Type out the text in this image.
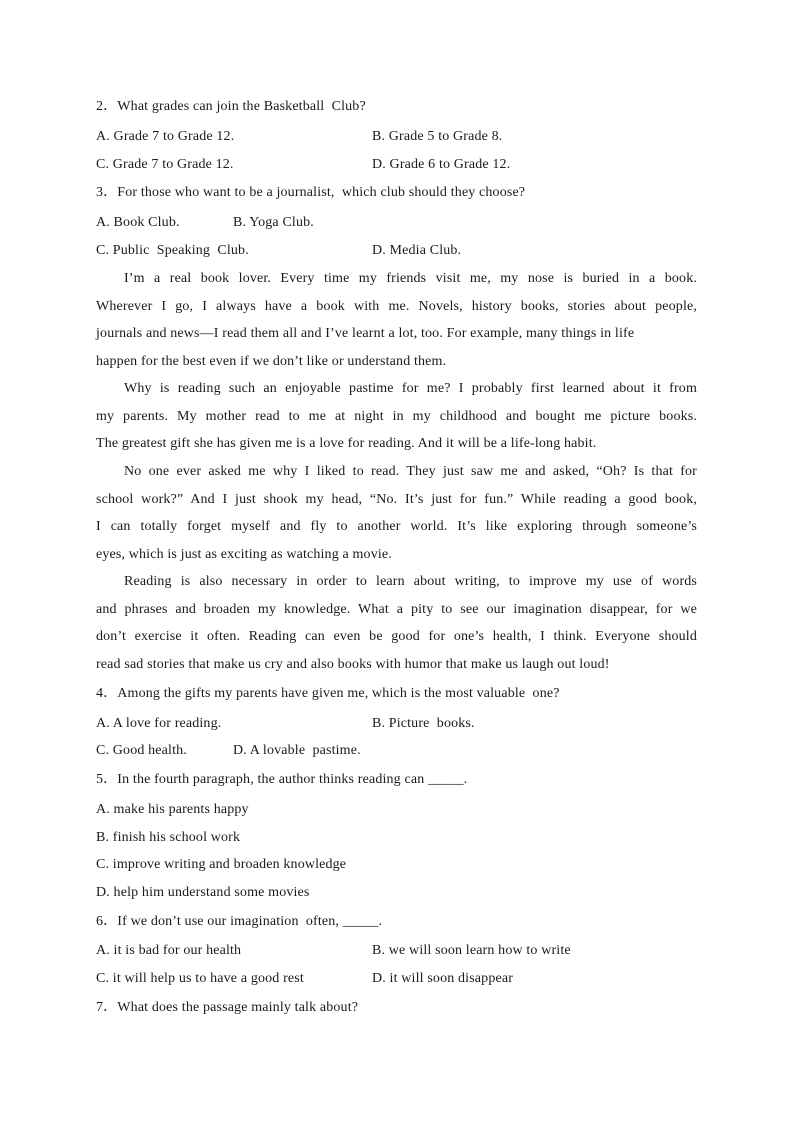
2．What grades can join the Basketball  Club?
A. Grade 7 to Grade 12.	B. Grade 5 to Grade 8.
C. Grade 7 to Grade 12.	D. Grade 6 to Grade 12.
3．For those who want to be a journalist,  which club should they choose?
A. Book Club.	B. Yoga Club.
C. Public  Speaking  Club.	D. Media Club.
I’m a real book lover. Every time my friends visit me, my nose is buried in a book.
Wherever I go, I always have a book with me. Novels, history books, stories about people,
journals and news—I read them all and I’ve learnt a lot, too. For example, many things in life
happen for the best even if we don’t like or understand them.
Why is reading such an enjoyable pastime for me? I probably first learned about it from
my parents. My mother read to me at night in my childhood and bought me picture books.
The greatest gift she has given me is a love for reading. And it will be a life-long habit.
No one ever asked me why I liked to read. They just saw me and asked, “Oh? Is that for
school work?” And I just shook my head, “No. It’s just for fun.” While reading a good book,
I can totally forget myself and fly to another world. It’s like exploring through someone’s
eyes, which is just as exciting as watching a movie.
Reading is also necessary in order to learn about writing, to improve my use of words
and phrases and broaden my knowledge. What a pity to see our imagination disappear, for we
don’t exercise it often. Reading can even be good for one’s health, I think. Everyone should
read sad stories that make us cry and also books with humor that make us laugh out loud!
4．Among the gifts my parents have given me, which is the most valuable  one?
A. A love for reading.	B. Picture  books.
C. Good health.	D. A lovable  pastime.
5．In the fourth paragraph, the author thinks reading can _____.
A. make his parents happy
B. finish his school work
C. improve writing and broaden knowledge
D. help him understand some movies
6．If we don’t use our imagination  often, _____.
A. it is bad for our health	B. we will soon learn how to write
C. it will help us to have a good rest	D. it will soon disappear
7．What does the passage mainly talk about?
